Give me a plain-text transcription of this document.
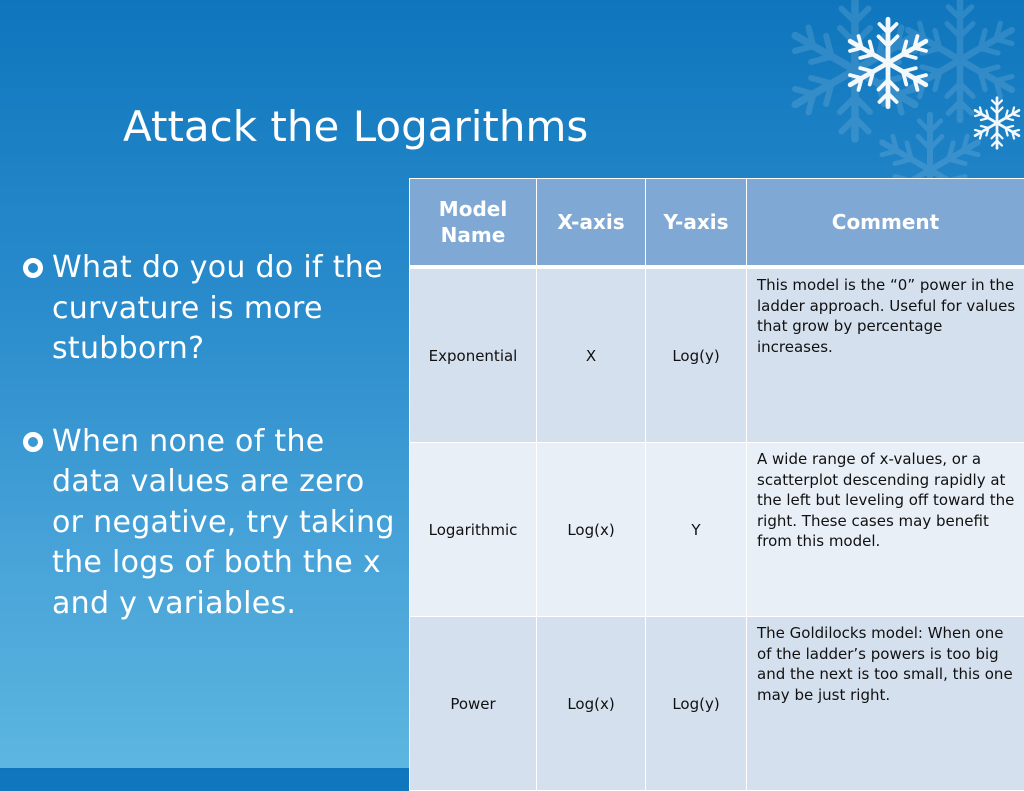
Attack the Logarithms
What do you do if the curvature is more stubborn?
When none of the data values are zero or negative, try taking the logs of both the x and y variables.
Model Name	X-axis	Y-axis	Comment
Exponential	X	Log(y)	This model is the “0” power in the ladder approach. Useful for values that grow by percentage increases.
Logarithmic	Log(x)	Y	A wide range of x-values, or a scatterplot descending rapidly at the left but leveling off toward the right. These cases may benefit from this model.
Power	Log(x)	Log(y)	The Goldilocks model: When one of the ladder’s powers is too big and the next is too small, this one may be just right.
